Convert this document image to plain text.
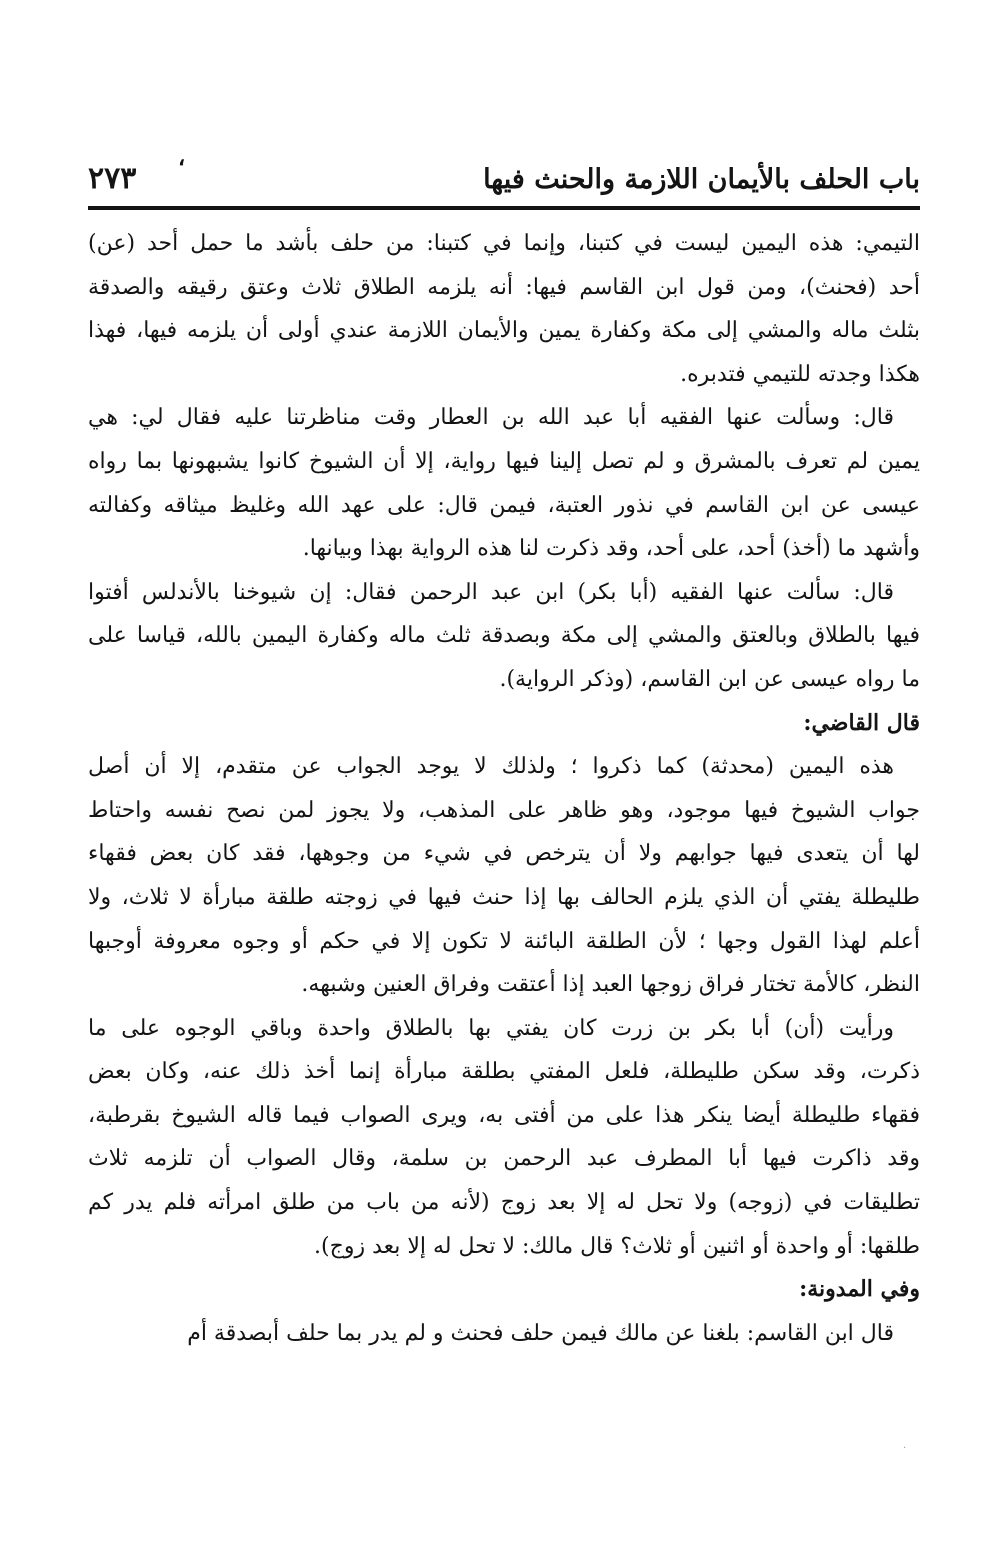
،
باب الحلف بالأيمان اللازمة والحنث فيها
٢٧٣
التيمي: هذه اليمين ليست في كتبنا، وإنما في كتبنا: من حلف بأشد ما حمل أحد (عن)
أحد (فحنث)، ومن قول ابن القاسم فيها: أنه يلزمه الطلاق ثلاث وعتق رقيقه والصدقة
بثلث ماله والمشي إلى مكة وكفارة يمين والأيمان اللازمة عندي أولى أن يلزمه فيها، فهذا
هكذا وجدته للتيمي فتدبره.
قال: وسألت عنها الفقيه أبا عبد الله بن العطار وقت مناظرتنا عليه فقال لي: هي
يمين لم تعرف بالمشرق و لم تصل إلينا فيها رواية، إلا أن الشيوخ كانوا يشبهونها بما رواه
عيسى عن ابن القاسم في نذور العتبة، فيمن قال: على عهد الله وغليظ ميثاقه وكفالته
وأشهد ما (أخذ) أحد، على أحد، وقد ذكرت لنا هذه الرواية بهذا وبيانها.
قال: سألت عنها الفقيه (أبا بكر) ابن عبد الرحمن فقال: إن شيوخنا بالأندلس أفتوا
فيها بالطلاق وبالعتق والمشي إلى مكة وبصدقة ثلث ماله وكفارة اليمين بالله، قياسا على
ما رواه عيسى عن ابن القاسم، (وذكر الرواية).
قال القاضي:
هذه اليمين (محدثة) كما ذكروا ؛ ولذلك لا يوجد الجواب عن متقدم، إلا أن أصل
جواب الشيوخ فيها موجود، وهو ظاهر على المذهب، ولا يجوز لمن نصح نفسه واحتاط
لها أن يتعدى فيها جوابهم ولا أن يترخص في شيء من وجوهها، فقد كان بعض فقهاء
طليطلة يفتي أن الذي يلزم الحالف بها إذا حنث فيها في زوجته طلقة مبارأة لا ثلاث، ولا
أعلم لهذا القول وجها ؛ لأن الطلقة البائنة لا تكون إلا في حكم أو وجوه معروفة أوجبها
النظر، كالأمة تختار فراق زوجها العبد إذا أعتقت وفراق العنين وشبهه.
ورأيت (أن) أبا بكر بن زرت كان يفتي بها بالطلاق واحدة وباقي الوجوه على ما
ذكرت، وقد سكن طليطلة، فلعل المفتي بطلقة مبارأة إنما أخذ ذلك عنه، وكان بعض
فقهاء طليطلة أيضا ينكر هذا على من أفتى به، ويرى الصواب فيما قاله الشيوخ بقرطبة،
وقد ذاكرت فيها أبا المطرف عبد الرحمن بن سلمة، وقال الصواب أن تلزمه ثلاث
تطليقات في (زوجه) ولا تحل له إلا بعد زوج (لأنه من باب من طلق امرأته فلم يدر كم
طلقها: أو واحدة أو اثنين أو ثلاث؟ قال مالك: لا تحل له إلا بعد زوج).
وفي المدونة:
قال ابن القاسم: بلغنا عن مالك فيمن حلف فحنث و لم يدر بما حلف أبصدقة أم
·
